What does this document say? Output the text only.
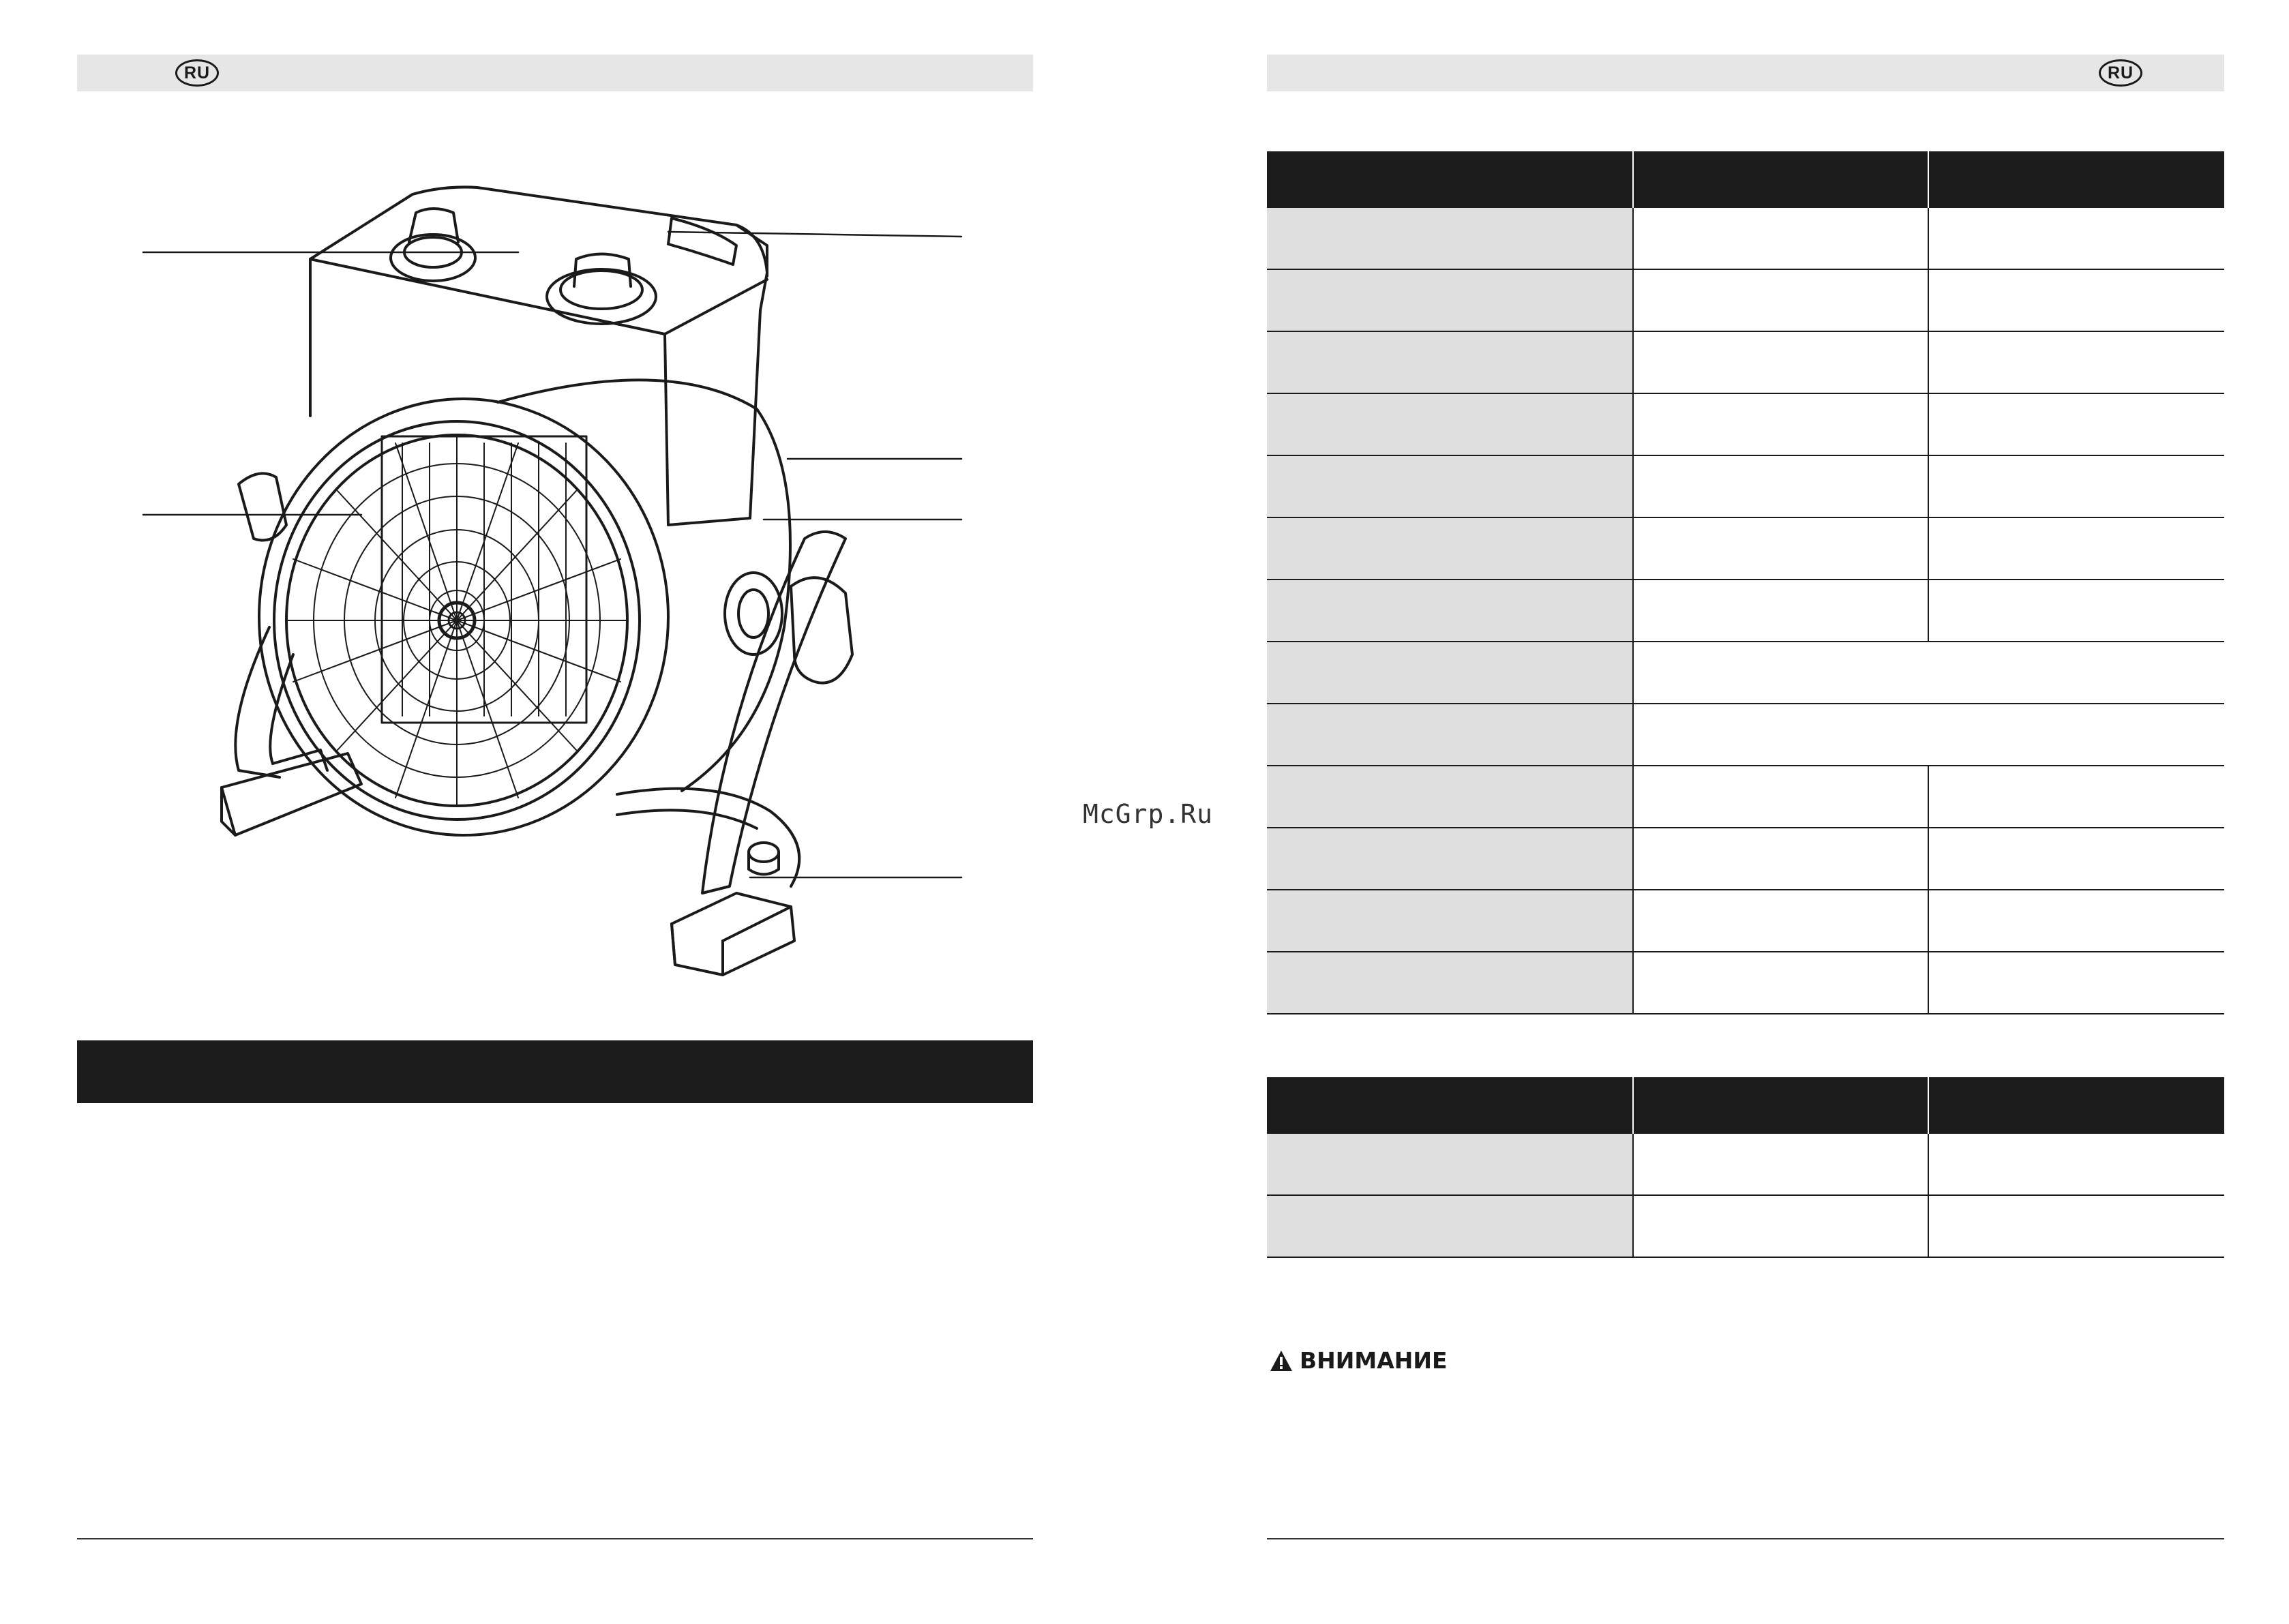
RU	RU

ВНИМАНИЕ
McGrp.Ru
